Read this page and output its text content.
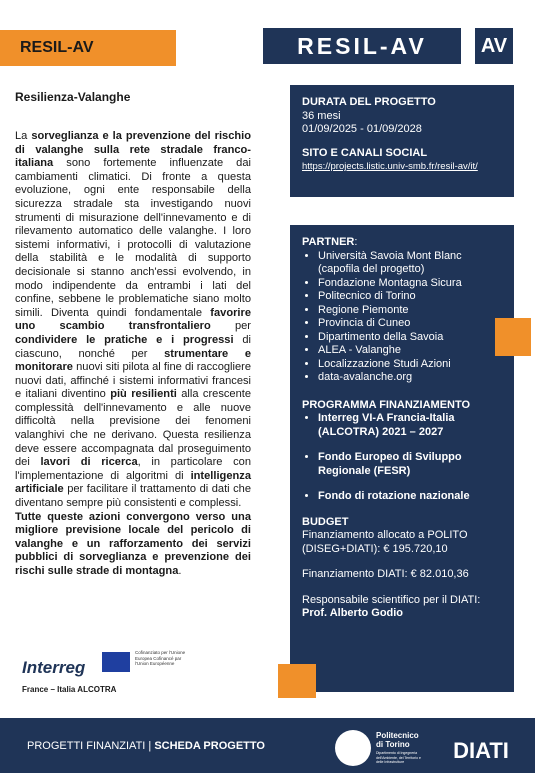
RESIL-AV	RESIL-AV	AV
Resilienza-Valanghe
La sorveglianza e la prevenzione del rischio di valanghe sulla rete stradale franco-italiana sono fortemente influenzate dai cambiamenti climatici. Di fronte a questa evoluzione, ogni ente responsabile della sicurezza stradale sta investigando nuovi strumenti di misurazione dell'innevamento e di rilevamento automatico delle valanghe. I loro sistemi informativi, i protocolli di valutazione della stabilità e le modalità di supporto decisionale si stanno anch'essi evolvendo, in modo indipendente da entrambi i lati del confine, sebbene le problematiche siano molto simili. Diventa quindi fondamentale favorire uno scambio transfrontaliero per condividere le pratiche e i progressi di ciascuno, nonché per strumentare e monitorare nuovi siti pilota al fine di raccogliere nuovi dati, affinché i sistemi informativi francesi e italiani diventino più resilienti alla crescente complessità dell'innevamento e alle nuove difficoltà nella previsione dei fenomeni valanghivi che ne derivano. Questa resilienza deve essere accompagnata dal proseguimento dei lavori di ricerca, in particolare con l'implementazione di algoritmi di intelligenza artificiale per facilitare il trattamento di dati che diventano sempre più consistenti e complessi.
Tutte queste azioni convergono verso una migliore previsione locale del pericolo di valanghe e un rafforzamento dei servizi pubblici di sorveglianza e prevenzione dei rischi sulle strade di montagna.
Interreg
Cofinanziato per l'Unione Europea Cofinancé par l'Union Européenne
France – Italia ALCOTRA
DURATA DEL PROGETTO
36 mesi
01/09/2025 - 01/09/2028
SITO E CANALI SOCIAL
https://projects.listic.univ-smb.fr/resil-av/it/
PARTNER:
• Università Savoia Mont Blanc (capofila del progetto)
• Fondazione Montagna Sicura
• Politecnico di Torino
• Regione Piemonte
• Provincia di Cuneo
• Dipartimento della Savoia
• ALEA - Valanghe
• Localizzazione Studi Azioni
• data-avalanche.org
PROGRAMMA FINANZIAMENTO
• Interreg VI-A Francia-Italia (ALCOTRA) 2021 – 2027
• Fondo Europeo di Sviluppo Regionale (FESR)
• Fondo di rotazione nazionale
BUDGET
Finanziamento allocato a POLITO (DISEG+DIATI): € 195.720,10
Finanziamento DIATI: € 82.010,36
Responsabile scientifico per il DIATI:
Prof. Alberto Godio
PROGETTI FINANZIATI | SCHEDA PROGETTO
Politecnico di Torino
Dipartimento di Ingegneria dell'Ambiente, del Territorio e delle Infrastrutture	DIATI
